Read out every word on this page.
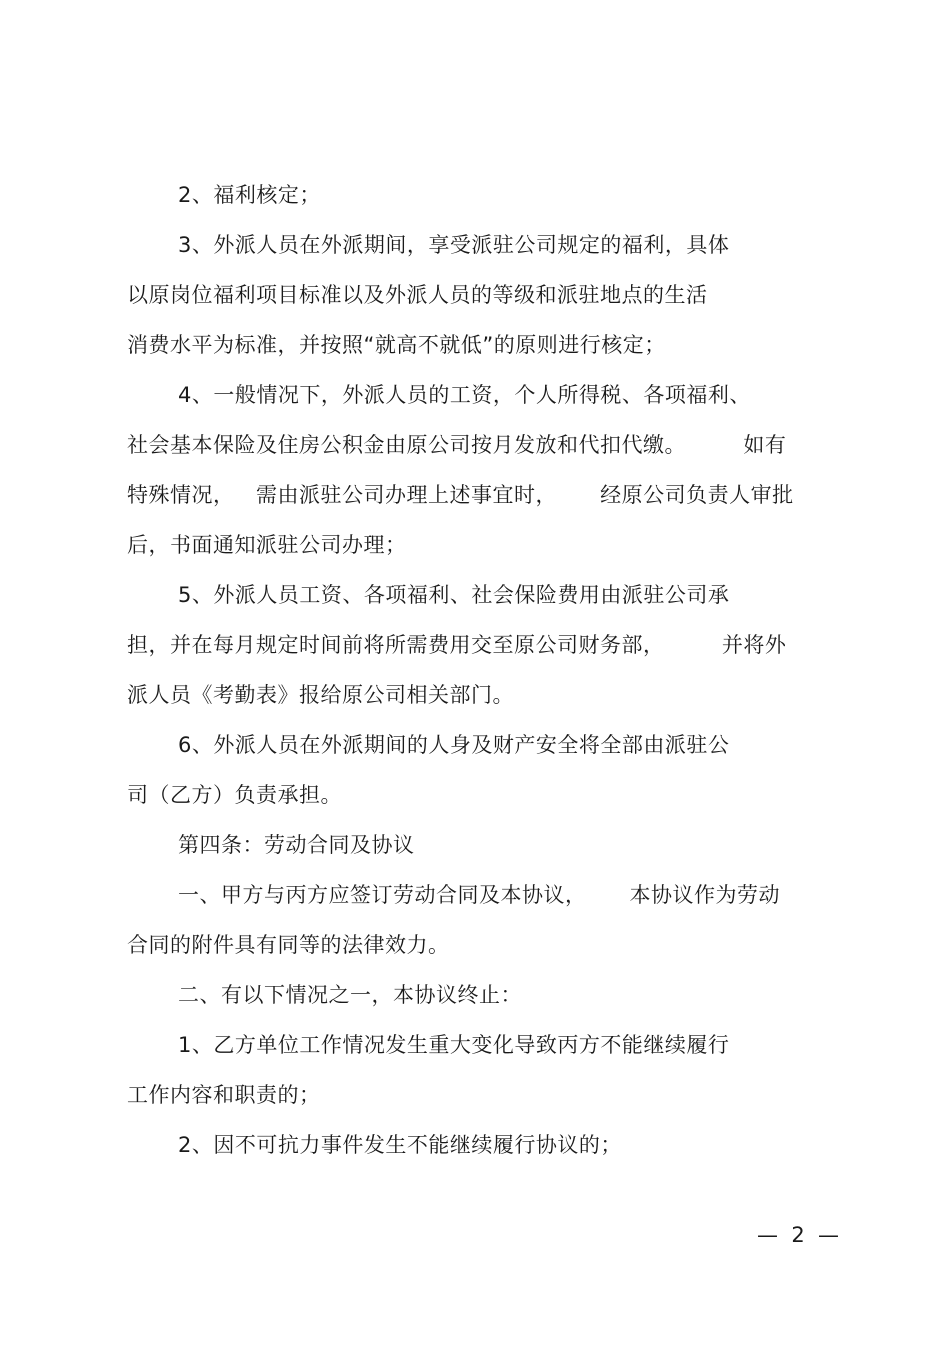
2、福利核定；
3、外派人员在外派期间，享受派驻公司规定的福利，具体
以原岗位福利项目标准以及外派人员的等级和派驻地点的生活
消费水平为标准，并按照“就高不就低”的原则进行核定；
4、一般情况下，外派人员的工资，个人所得税、各项福利、
社会基本保险及住房公积金由原公司按月发放和代扣代缴。        如有
特殊情况，   需由派驻公司办理上述事宜时，      经原公司负责人审批
后，书面通知派驻公司办理；
5、外派人员工资、各项福利、社会保险费用由派驻公司承
担，并在每月规定时间前将所需费用交至原公司财务部，        并将外
派人员《考勤表》报给原公司相关部门。
6、外派人员在外派期间的人身及财产安全将全部由派驻公
司（乙方）负责承担。
第四条：劳动合同及协议
一、甲方与丙方应签订劳动合同及本协议，      本协议作为劳动
合同的附件具有同等的法律效力。
二、有以下情况之一，本协议终止：
1、乙方单位工作情况发生重大变化导致丙方不能继续履行
工作内容和职责的；
2、因不可抗力事件发生不能继续履行协议的；
—  2  —
